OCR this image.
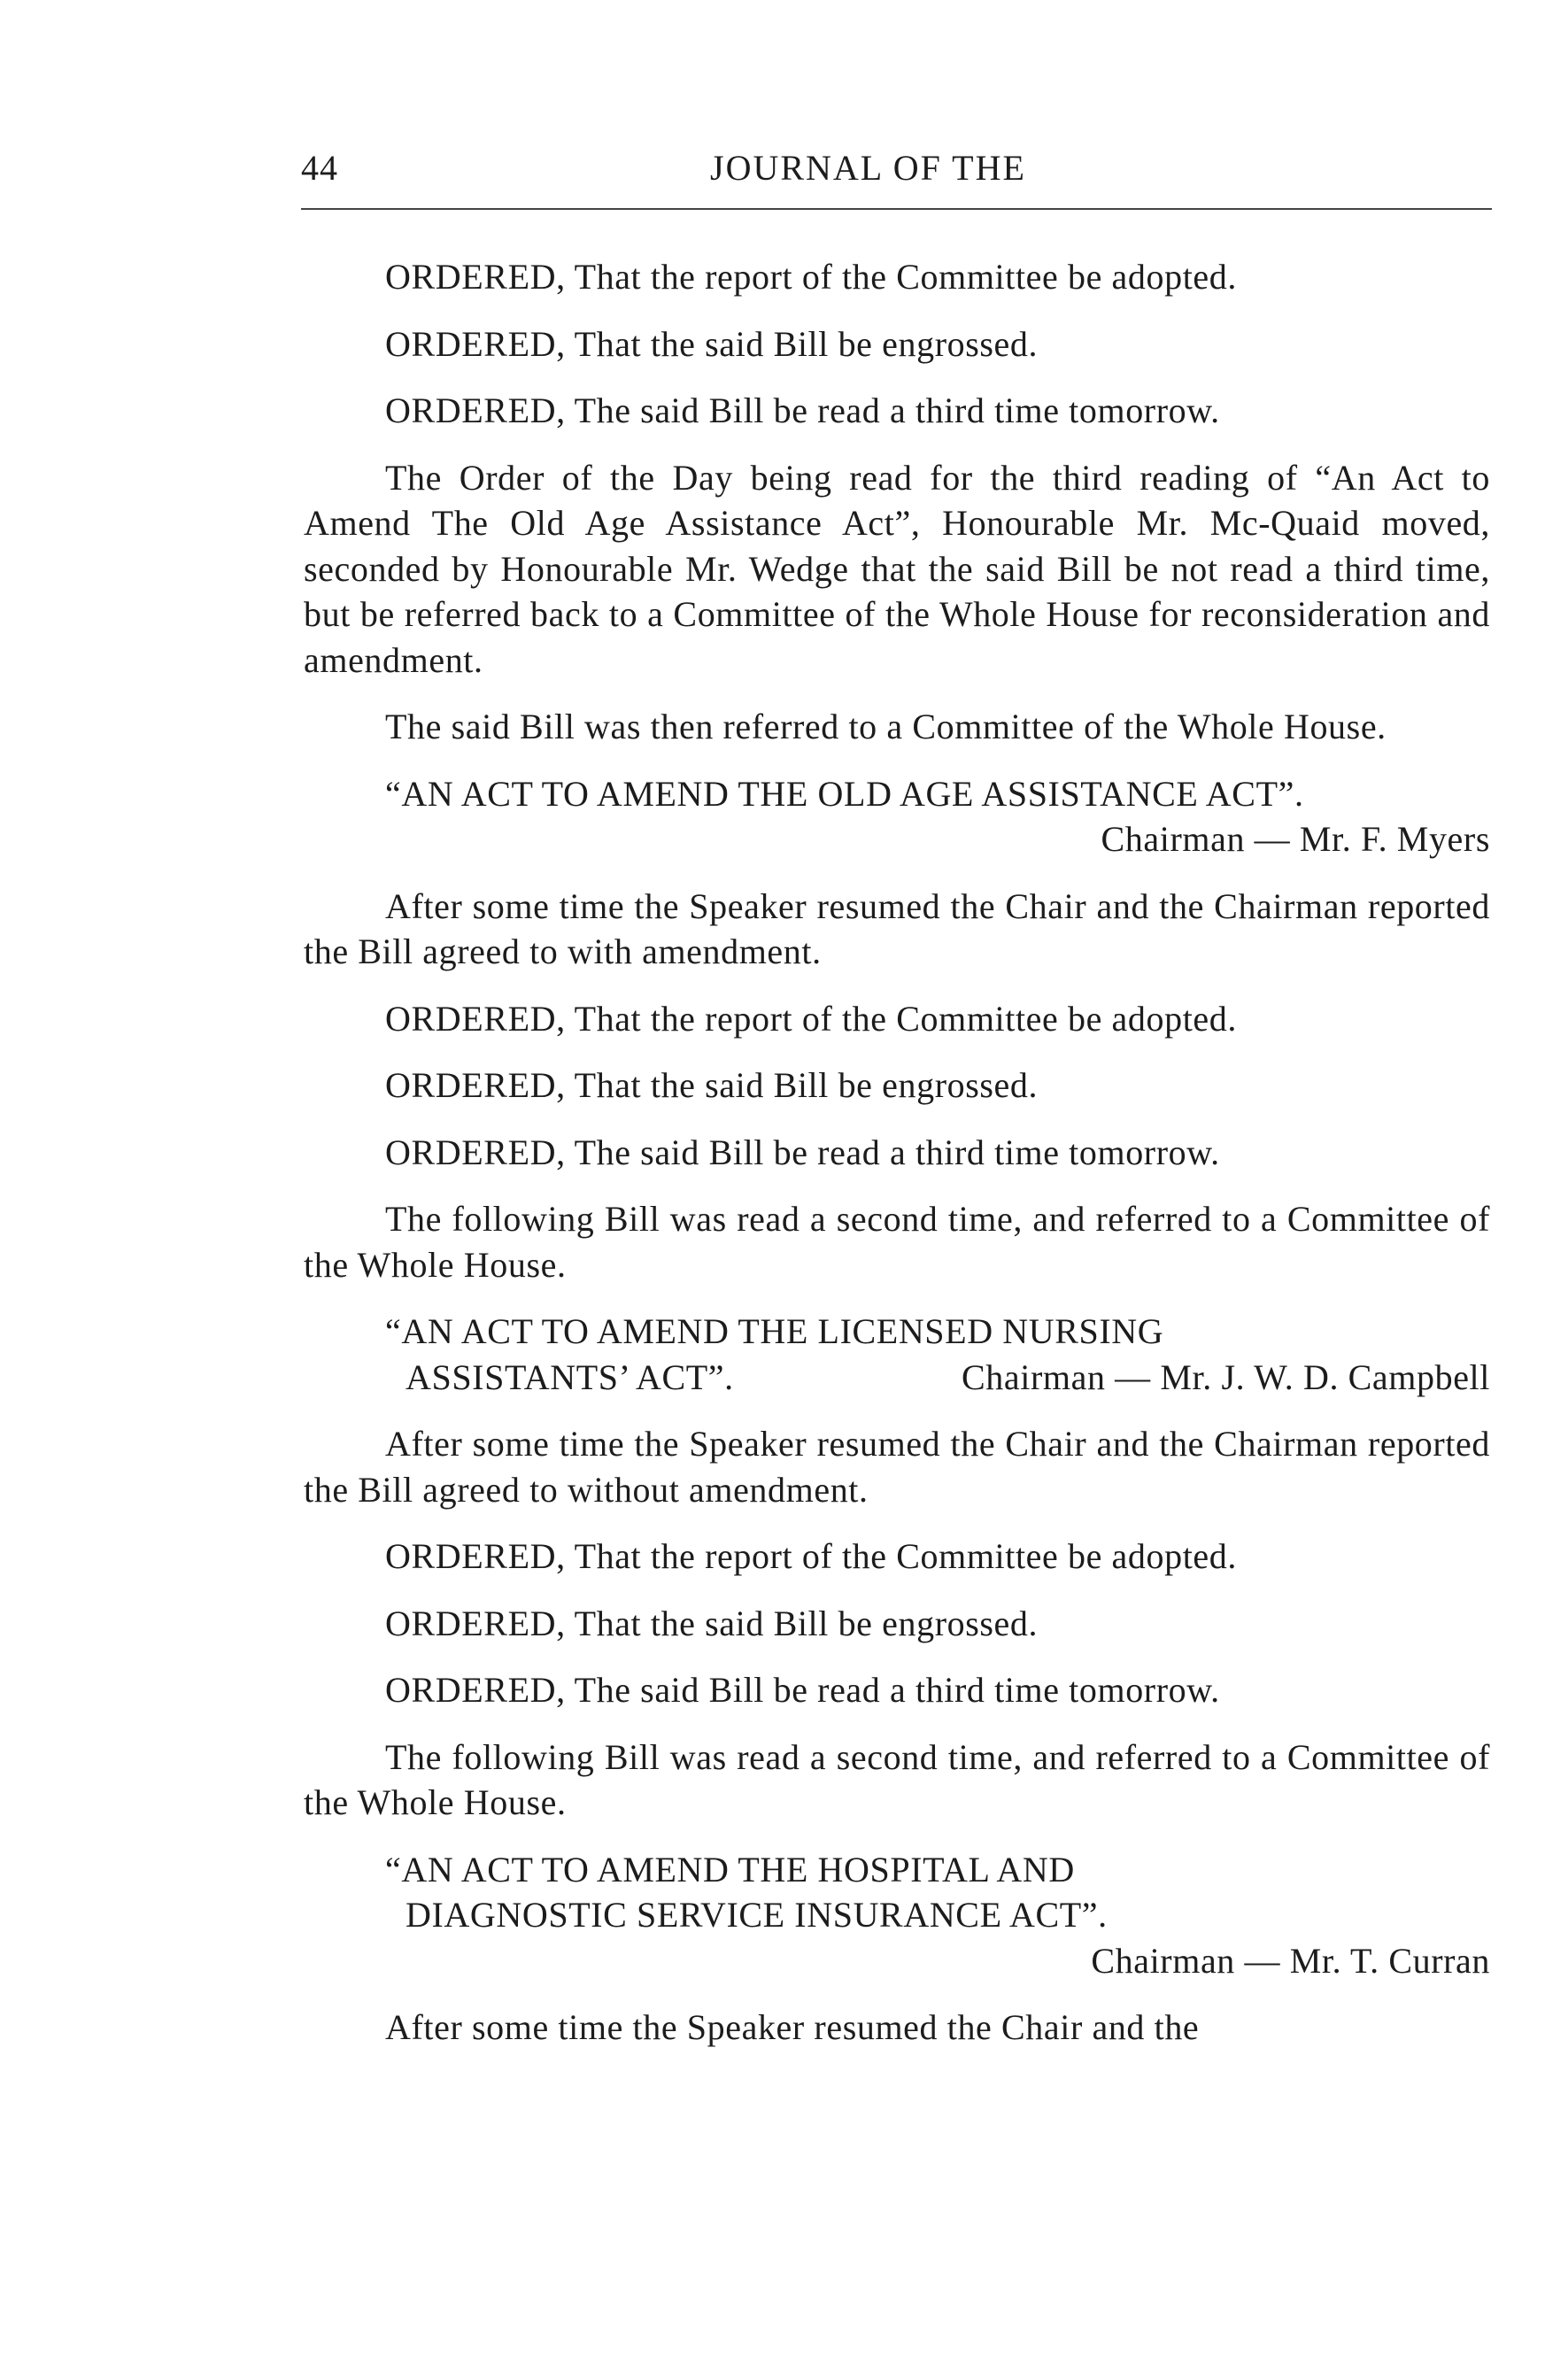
44	JOURNAL OF THE

ORDERED, That the report of the Committee be adopted.

ORDERED, That the said Bill be engrossed.

ORDERED, The said Bill be read a third time tomorrow.

The Order of the Day being read for the third reading of “An Act to Amend The Old Age Assistance Act”, Honourable Mr. Mc-Quaid moved, seconded by Honourable Mr. Wedge that the said Bill be not read a third time, but be referred back to a Committee of the Whole House for reconsideration and amendment.

The said Bill was then referred to a Committee of the Whole House.

“AN ACT TO AMEND THE OLD AGE ASSISTANCE ACT”.

Chairman — Mr. F. Myers

After some time the Speaker resumed the Chair and the Chairman reported the Bill agreed to with amendment.

ORDERED, That the report of the Committee be adopted.

ORDERED, That the said Bill be engrossed.

ORDERED, The said Bill be read a third time tomorrow.

The following Bill was read a second time, and referred to a Committee of the Whole House.

“AN ACT TO AMEND THE LICENSED NURSING

ASSISTANTS’ ACT”.	Chairman — Mr. J. W. D. Campbell

After some time the Speaker resumed the Chair and the Chairman reported the Bill agreed to without amendment.

ORDERED, That the report of the Committee be adopted.

ORDERED, That the said Bill be engrossed.

ORDERED, The said Bill be read a third time tomorrow.

The following Bill was read a second time, and referred to a Committee of the Whole House.

“AN ACT TO AMEND THE HOSPITAL AND

DIAGNOSTIC SERVICE INSURANCE ACT”.

Chairman — Mr. T. Curran

After some time the Speaker resumed the Chair and the
